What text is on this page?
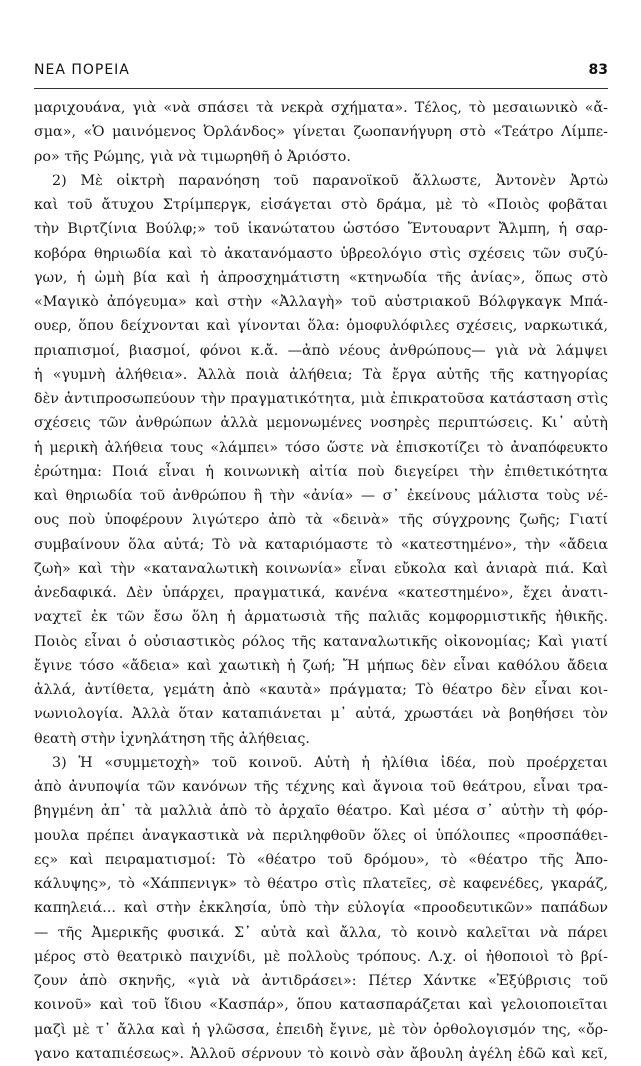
ΝΕΑ ΠΟΡΕΙΑ	83
μαριχουάνα, γιὰ «νὰ σπάσει τὰ νεκρὰ σχήματα». Τέλος, τὸ μεσαιωνικὸ «ἄ-
σμα», «Ὁ μαινόμενος Ὀρλάνδος» γίνεται ζωοπανήγυρη στὸ «Τεάτρο Λίμπε-
ρο» τῆς Ρώμης, γιὰ νὰ τιμωρηθῆ ὁ Ἀριόστο.
2) Μὲ οἰκτρὴ παρανόηση τοῦ παρανοϊκοῦ ἄλλωστε, Ἀντονὲν Ἀρτὼ
καὶ τοῦ ἄτυχου Στρίμπεργκ, εἰσάγεται στὸ δράμα, μὲ τὸ «Ποιὸς φοβᾶται
τὴν Βιρτζίνια Βούλφ;» τοῦ ἱκανώτατου ὡστόσο Ἔντουαρντ Ἄλμπη, ἡ σαρ-
κοβόρα θηριωδία καὶ τὸ ἀκατανόμαστο ὑβρεολόγιο στὶς σχέσεις τῶν συζύ-
γων, ἡ ὠμὴ βία καὶ ἡ ἀπροσχημάτιστη «κτηνωδία τῆς ἀνίας», ὅπως στὸ
«Μαγικὸ ἀπόγευμα» καὶ στὴν «Ἀλλαγὴ» τοῦ αὐστριακοῦ Βόλφγκαγκ Μπά-
ουερ, ὅπου δείχνονται καὶ γίνονται ὅλα: ὁμοφυλόφιλες σχέσεις, ναρκωτικά,
πριαπισμοί, βιασμοί, φόνοι κ.ἄ. —ἀπὸ νέους ἀνθρώπους— γιὰ νὰ λάμψει
ἡ «γυμνὴ ἀλήθεια». Ἀλλὰ ποιὰ ἀλήθεια; Τὰ ἔργα αὐτῆς τῆς κατηγορίας
δὲν ἀντιπροσωπεύουν τὴν πραγματικότητα, μιὰ ἐπικρατοῦσα κατάσταση στὶς
σχέσεις τῶν ἀνθρώπων ἀλλὰ μεμονωμένες νοσηρὲς περιπτώσεις. Κι᾿ αὐτὴ
ἡ μερικὴ ἀλήθεια τους «λάμπει» τόσο ὥστε νὰ ἐπισκοτίζει τὸ ἀναπόφευκτο
ἐρώτημα: Ποιά εἶναι ἡ κοινωνικὴ αἰτία ποὺ διεγείρει τὴν ἐπιθετικότητα
καὶ θηριωδία τοῦ ἀνθρώπου ἢ τὴν «ἀνία» — σ᾿ ἐκείνους μάλιστα τοὺς νέ-
ους ποὺ ὑποφέρουν λιγώτερο ἀπὸ τὰ «δεινὰ» τῆς σύγχρονης ζωῆς; Γιατί
συμβαίνουν ὅλα αὐτά; Τὸ νὰ καταριόμαστε τὸ «κατεστημένο», τὴν «ἄδεια
ζωὴ» καὶ τὴν «καταναλωτικὴ κοινωνία» εἶναι εὔκολα καὶ ἀνιαρὰ πιά. Καὶ
ἀνεδαφικά. Δὲν ὑπάρχει, πραγματικά, κανένα «κατεστημένο», ἔχει ἀνατι-
ναχτεῖ ἐκ τῶν ἔσω ὅλη ἡ ἁρματωσιὰ τῆς παλιᾶς κομφορμιστικῆς ἠθικῆς.
Ποιὸς εἶναι ὁ οὐσιαστικὸς ρόλος τῆς καταναλωτικῆς οἰκονομίας; Καὶ γιατί
ἔγινε τόσο «ἄδεια» καὶ χαωτικὴ ἡ ζωή; Ἤ μήπως δὲν εἶναι καθόλου ἄδεια
ἀλλά, ἀντίθετα, γεμάτη ἀπὸ «καυτὰ» πράγματα; Τὸ θέατρο δὲν εἶναι κοι-
νωνιολογία. Ἀλλὰ ὅταν καταπιάνεται μ᾿ αὐτά, χρωστάει νὰ βοηθήσει τὸν
θεατὴ στὴν ἰχνηλάτηση τῆς ἀλήθειας.
3) Ἡ «συμμετοχὴ» τοῦ κοινοῦ. Αὐτὴ ἡ ἠλίθια ἰδέα, ποὺ προέρχεται
ἀπὸ ἀνυποψία τῶν κανόνων τῆς τέχνης καὶ ἄγνοια τοῦ θεάτρου, εἶναι τρα-
βηγμένη ἀπ᾿ τὰ μαλλιὰ ἀπὸ τὸ ἀρχαῖο θέατρο. Καὶ μέσα σ᾿ αὐτὴν τὴ φόρ-
μουλα πρέπει ἀναγκαστικὰ νὰ περιληφθοῦν ὅλες οἱ ὑπόλοιπες «προσπάθει-
ες» καὶ πειραματισμοί: Τὸ «θέατρο τοῦ δρόμου», τὸ «θέατρο τῆς Ἀπο-
κάλυψης», τὸ «Χάππενιγκ» τὸ θέατρο στὶς πλατεῖες, σὲ καφενέδες, γκαράζ,
καπηλειά... καὶ στὴν ἐκκλησία, ὑπὸ τὴν εὐλογία «προοδευτικῶν» παπάδων
— τῆς Ἀμερικῆς φυσικά. Σ᾿ αὐτὰ καὶ ἄλλα, τὸ κοινὸ καλεῖται νὰ πάρει
μέρος στὸ θεατρικὸ παιχνίδι, μὲ πολλοὺς τρόπους. Λ.χ. οἱ ἠθοποιοὶ τὸ βρί-
ζουν ἀπὸ σκηνῆς, «γιὰ νὰ ἀντιδράσει»: Πέτερ Χάντκε «Ἐξύβρισις τοῦ
κοινοῦ» καὶ τοῦ ἴδιου «Κασπάρ», ὅπου κατασπαράζεται καὶ γελοιοποιεῖται
μαζὶ μὲ τ᾿ ἄλλα καὶ ἡ γλῶσσα, ἐπειδὴ ἔγινε, μὲ τὸν ὀρθολογισμόν της, «ὄρ-
γανο καταπιέσεως». Ἀλλοῦ σέρνουν τὸ κοινὸ σὰν ἄβουλη ἀγέλη ἐδῶ καὶ κεῖ,
